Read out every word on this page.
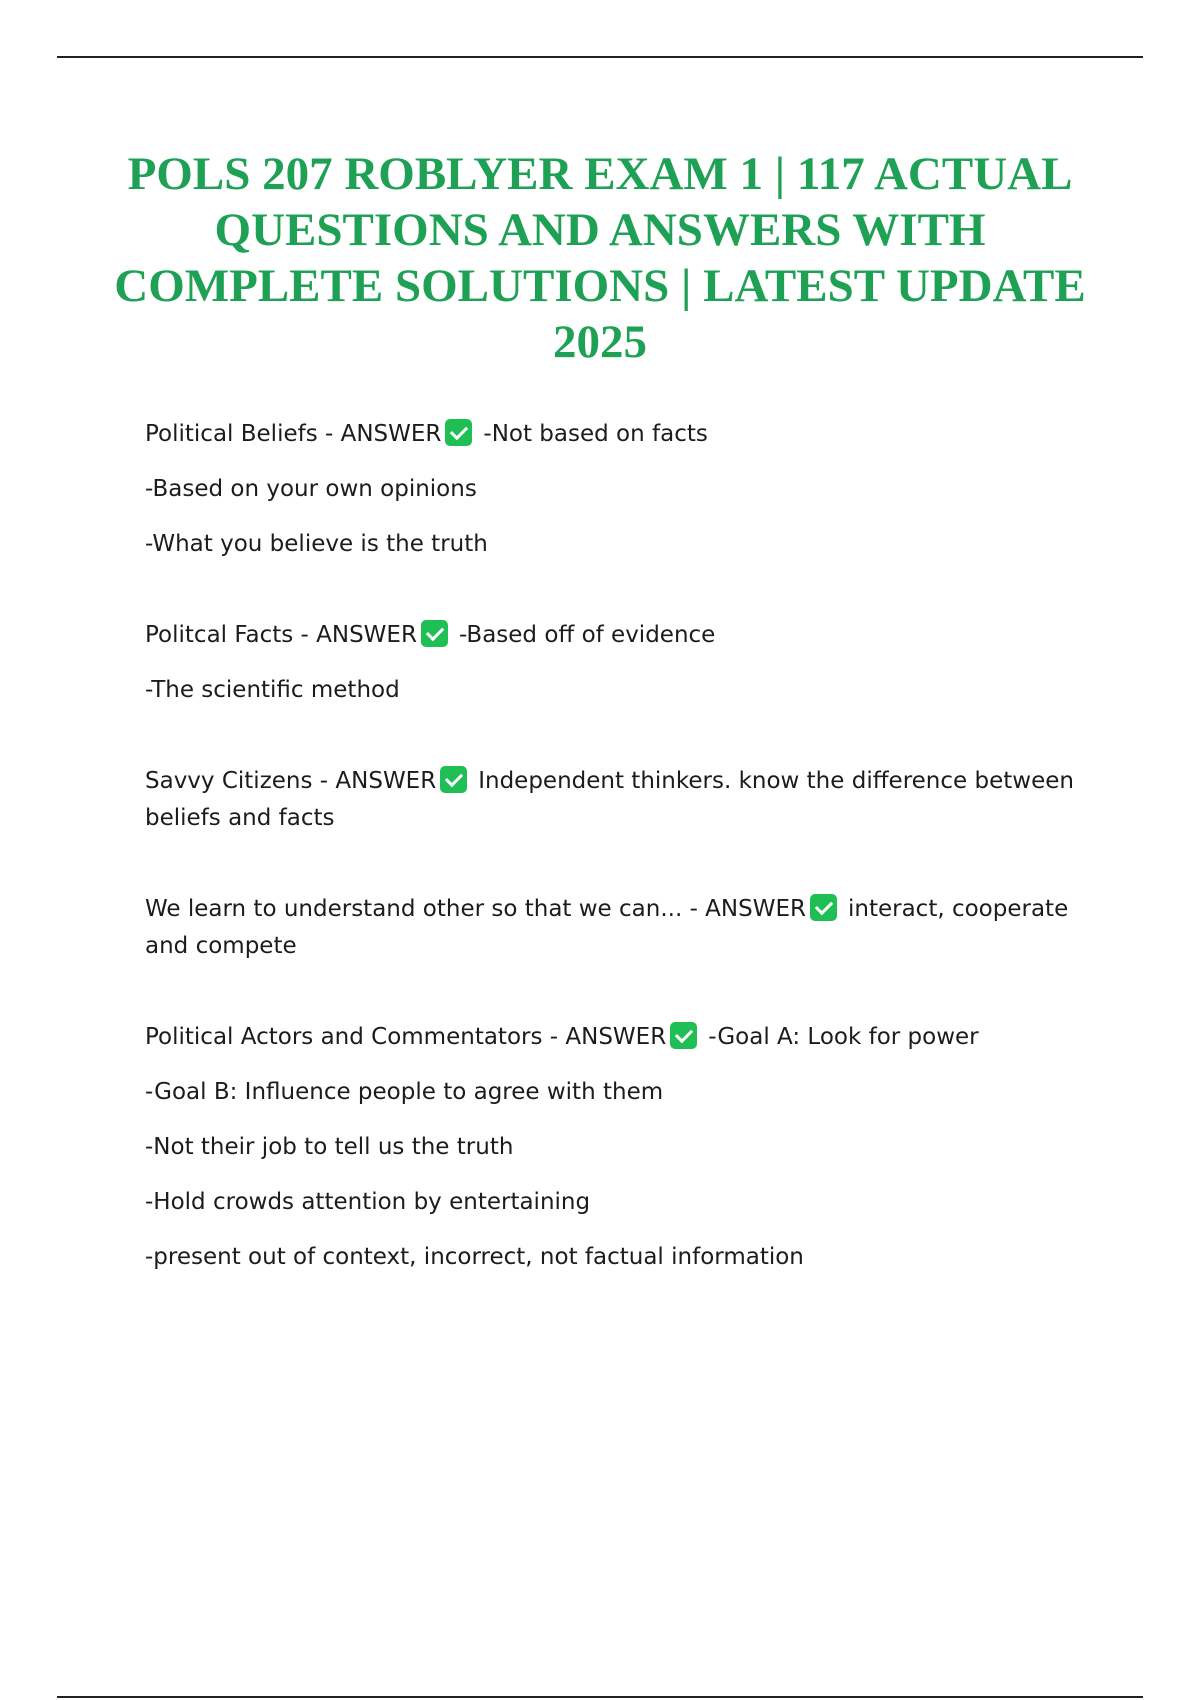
POLS 207 ROBLYER EXAM 1 | 117 ACTUAL QUESTIONS AND ANSWERS WITH COMPLETE SOLUTIONS | LATEST UPDATE 2025

Political Beliefs - ANSWER -Not based on facts

-Based on your own opinions

-What you believe is the truth

Politcal Facts - ANSWER -Based off of evidence

-The scientific method

Savvy Citizens - ANSWER Independent thinkers. know the difference between beliefs and facts

We learn to understand other so that we can... - ANSWER interact, cooperate and compete

Political Actors and Commentators - ANSWER -Goal A: Look for power

-Goal B: Influence people to agree with them

-Not their job to tell us the truth

-Hold crowds attention by entertaining

-present out of context, incorrect, not factual information
